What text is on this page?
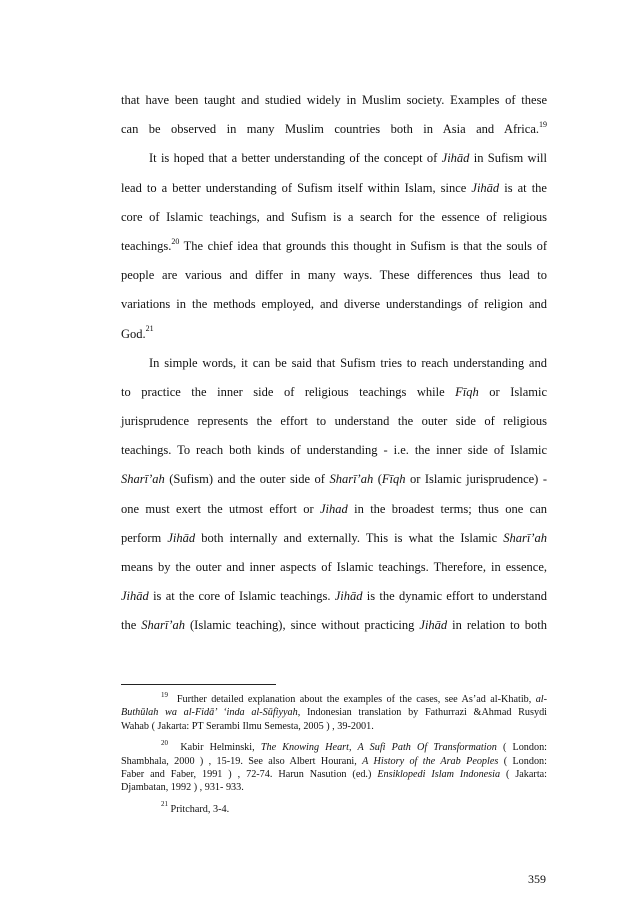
that have been taught and studied widely in Muslim society. Examples of these
can be observed in many Muslim countries both in Asia and Africa.$^{19}$
It is hoped that a better understanding of the concept of Jihād in Sufism will
lead to a better understanding of Sufism itself within Islam, since Jihād is at the
core of Islamic teachings, and Sufism is a search for the essence of religious
teachings.$^{20}$ The chief idea that grounds this thought in Sufism is that the souls of
people are various and differ in many ways. These differences thus lead to
variations in the methods employed, and diverse understandings of religion and
God.$^{21}$
In simple words, it can be said that Sufism tries to reach understanding and
to practice the inner side of religious teachings while Fīqh or Islamic
jurisprudence represents the effort to understand the outer side of religious
teachings. To reach both kinds of understanding - i.e. the inner side of Islamic
Sharī’ah (Sufism) and the outer side of Sharī’ah (Fīqh or Islamic jurisprudence) -
one must exert the utmost effort or Jihad in the broadest terms; thus one can
perform Jihād both internally and externally. This is what the Islamic Sharī’ah
means by the outer and inner aspects of Islamic teachings. Therefore, in essence,
Jihād is at the core of Islamic teachings. Jihād is the dynamic effort to understand
the Sharī’ah (Islamic teaching), since without practicing Jihād in relation to both
$^{19}$ Further detailed explanation about the examples of the cases, see As’ad al-Khatib, al-
Buthūlah wa al-Fidā’ ‘inda al-Sūfiyyah, Indonesian translation by Fathurrazi &Ahmad Rusydi
Wahab ( Jakarta: PT Serambi Ilmu Semesta, 2005 ) , 39-2001.
$^{20}$ Kabir Helminski, The Knowing Heart, A Sufi Path Of Transformation ( London:
Shambhala, 2000 ) , 15-19. See also Albert Hourani, A History of the Arab Peoples ( London:
Faber and Faber, 1991 ) , 72-74. Harun Nasution (ed.) Ensiklopedi Islam Indonesia ( Jakarta:
Djambatan, 1992 ) , 931- 933.
$^{21}$ Pritchard, 3-4.
359
